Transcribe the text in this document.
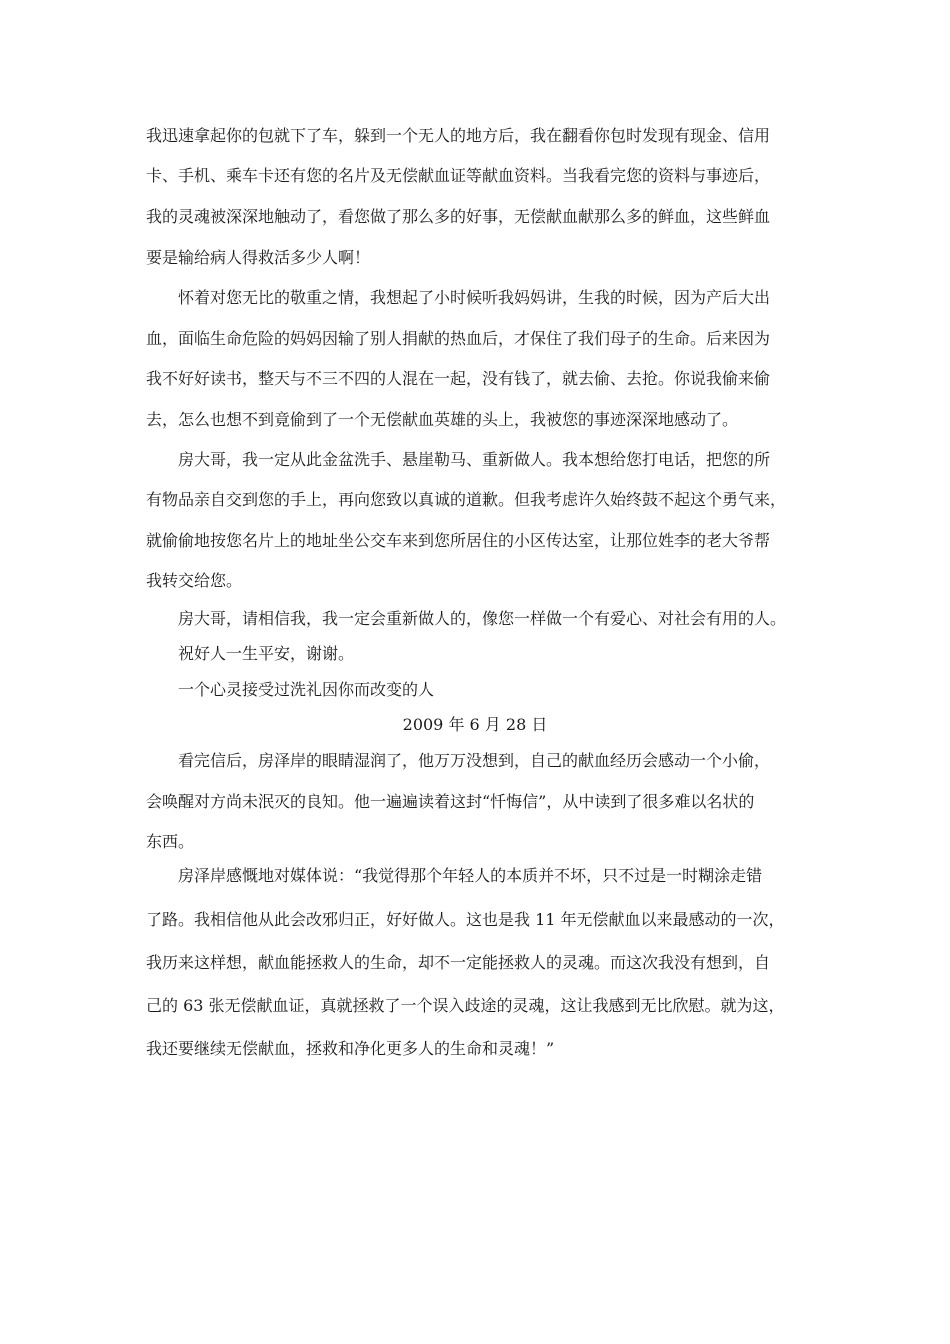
我迅速拿起你的包就下了车，躲到一个无人的地方后，我在翻看你包时发现有现金、信用
卡、手机、乘车卡还有您的名片及无偿献血证等献血资料。当我看完您的资料与事迹后，
我的灵魂被深深地触动了，看您做了那么多的好事，无偿献血献那么多的鲜血，这些鲜血
要是输给病人得救活多少人啊！
怀着对您无比的敬重之情，我想起了小时候听我妈妈讲，生我的时候，因为产后大出
血，面临生命危险的妈妈因输了别人捐献的热血后，才保住了我们母子的生命。后来因为
我不好好读书，整天与不三不四的人混在一起，没有钱了，就去偷、去抢。你说我偷来偷
去，怎么也想不到竟偷到了一个无偿献血英雄的头上，我被您的事迹深深地感动了。
房大哥，我一定从此金盆洗手、悬崖勒马、重新做人。我本想给您打电话，把您的所
有物品亲自交到您的手上，再向您致以真诚的道歉。但我考虑许久始终鼓不起这个勇气来，
就偷偷地按您名片上的地址坐公交车来到您所居住的小区传达室，让那位姓李的老大爷帮
我转交给您。
房大哥，请相信我，我一定会重新做人的，像您一样做一个有爱心、对社会有用的人。
祝好人一生平安，谢谢。
一个心灵接受过洗礼因你而改变的人
2009 年 6 月 28 日
看完信后，房泽岸的眼睛湿润了，他万万没想到，自己的献血经历会感动一个小偷，
会唤醒对方尚未泯灭的良知。他一遍遍读着这封“忏悔信”，从中读到了很多难以名状的
东西。
房泽岸感慨地对媒体说：“我觉得那个年轻人的本质并不坏，只不过是一时糊涂走错
了路。我相信他从此会改邪归正，好好做人。这也是我 11 年无偿献血以来最感动的一次，
我历来这样想，献血能拯救人的生命，却不一定能拯救人的灵魂。而这次我没有想到，自
己的 63 张无偿献血证，真就拯救了一个误入歧途的灵魂，这让我感到无比欣慰。就为这，
我还要继续无偿献血，拯救和净化更多人的生命和灵魂！”
